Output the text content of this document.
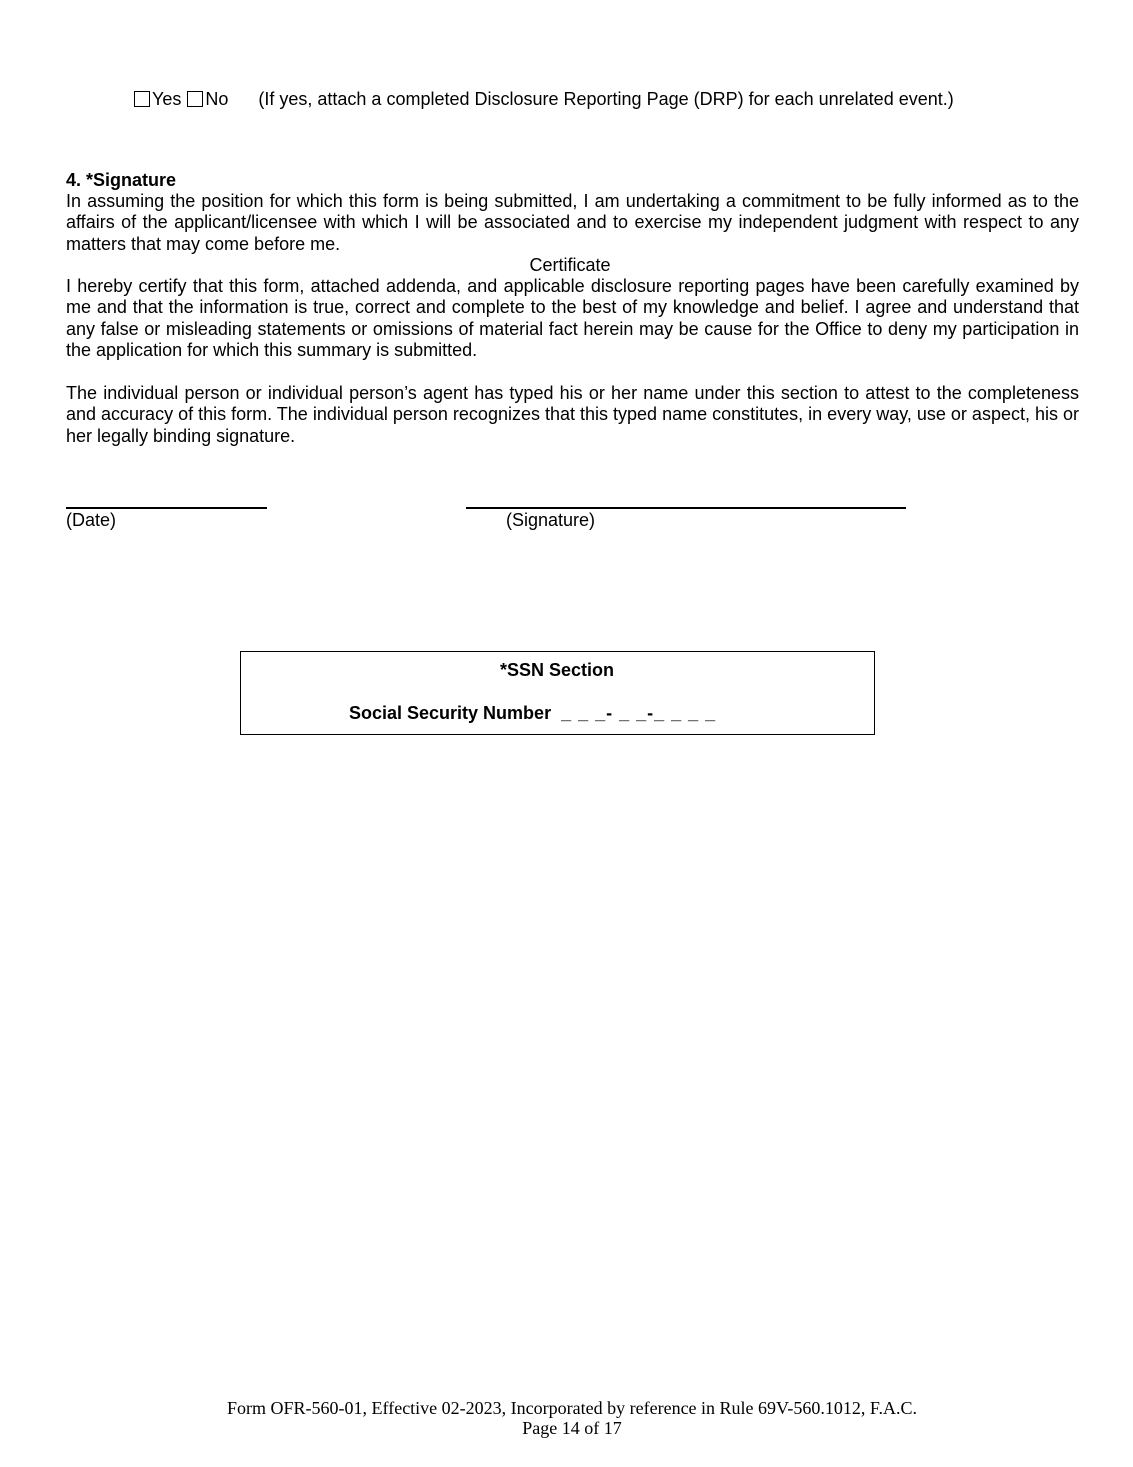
Yes No (If yes, attach a completed Disclosure Reporting Page (DRP) for each unrelated event.)
4. *Signature
In assuming the position for which this form is being submitted, I am undertaking a commitment to be fully informed as to the affairs of the applicant/licensee with which I will be associated and to exercise my independent judgment with respect to any matters that may come before me.
Certificate
I hereby certify that this form, attached addenda, and applicable disclosure reporting pages have been carefully examined by me and that the information is true, correct and complete to the best of my knowledge and belief. I agree and understand that any false or misleading statements or omissions of material fact herein may be cause for the Office to deny my participation in the application for which this summary is submitted.
The individual person or individual person’s agent has typed his or her name under this section to attest to the completeness and accuracy of this form. The individual person recognizes that this typed name constitutes, in every way, use or aspect, his or her legally binding signature.
(Date)	(Signature)
*SSN Section
Social Security Number _ _ _- _ _-_ _ _ _
Form OFR-560-01, Effective 02-2023, Incorporated by reference in Rule 69V-560.1012, F.A.C.
Page 14 of 17
